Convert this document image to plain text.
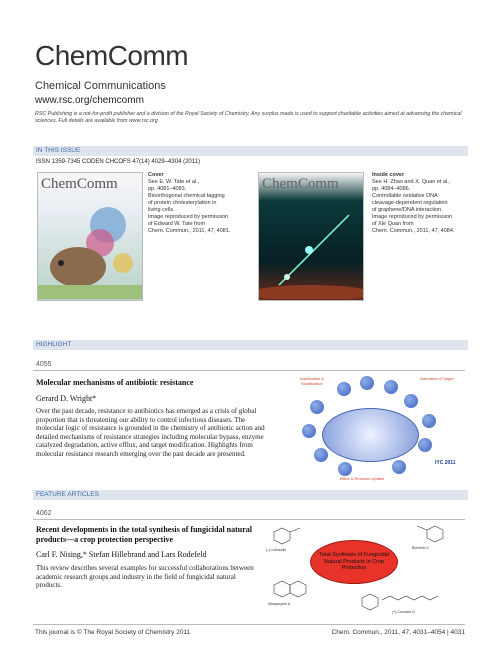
ChemComm
Chemical Communications
www.rsc.org/chemcomm
RSC Publishing is a not-for-profit publisher and a division of the Royal Society of Chemistry. Any surplus made is used to support charitable activities aimed at advancing the chemical sciences. Full details are available from www.rsc.org
IN THIS ISSUE
ISSN 1359-7345 CODEN CHCOFS 47(14) 4029–4304 (2011)
ChemComm
Cover
See E. W. Tate et al.,
pp. 4081–4083.
Bioorthogonal chemical tagging
of protein cholesterylation in
living cells.
Image reproduced by permission
of Edward W. Tate from
Chem. Commun., 2011, 47, 4081.
ChemComm
Inside cover
See H. Zhao and X. Quan et al.,
pp. 4084–4086.
Controllable oxidative DNA
cleavage-dependent regulation
of graphene/DNA interaction.
Image reproduced by permission
of Xie Quan from
Chem. Commun., 2011, 47, 4084.
HIGHLIGHT
4055
Molecular mechanisms of antibiotic resistance
Gerard D. Wright*
Over the past decade, resistance to antibiotics has emerged as a crisis of global proportion that is threatening our ability to control infectious diseases. The molecular logic of resistance is grounded in the chemistry of antibiotic action and detailed mechanisms of resistance strategies including molecular bypass, enzyme catalyzed degradation, active efflux, and target modification. Highlights from molecular resistance research emerging over the past decade are presented.
Inactivation & Modification
Alteration of Target
Efflux & Reduced Uptake
IYC 2011
FEATURE ARTICLES
4062
Recent developments in the total synthesis of fungicidal natural products—a crop protection perspective
Carl F. Nising,* Stefan Hillebrand and Lars Rodefeld
This review describes several examples for successful collaborations between academic research groups and industry in the field of fungicidal natural products.
Total Synthesis of Fungicidal Natural Products in Crop Protection
(–)-Lolineolin	Brevimin C
Allosporynin A
(+)-Crocacin D
This journal is © The Royal Society of Chemistry 2011	Chem. Commun., 2011, 47, 4031–4054 | 4031
